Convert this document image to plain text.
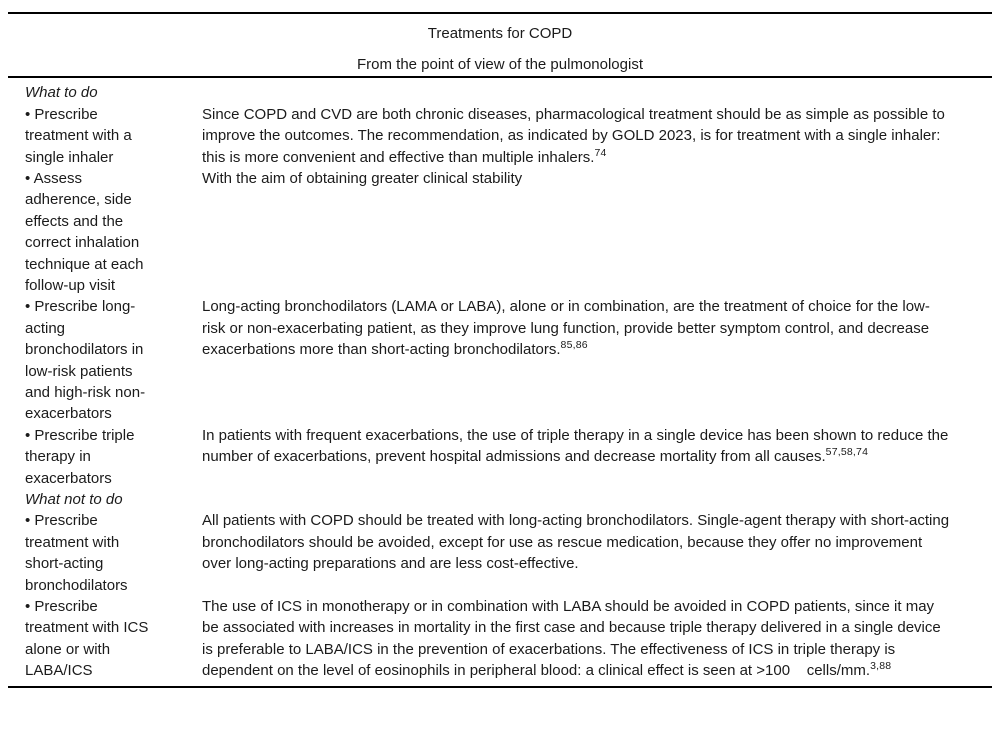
Treatments for COPD
From the point of view of the pulmonologist
What to do
• Prescribe treatment with a single inhaler
Since COPD and CVD are both chronic diseases, pharmacological treatment should be as simple as possible to improve the outcomes. The recommendation, as indicated by GOLD 2023, is for treatment with a single inhaler: this is more convenient and effective than multiple inhalers.$^{74}$
• Assess adherence, side effects and the correct inhalation technique at each follow-up visit
With the aim of obtaining greater clinical stability
• Prescribe long-acting bronchodilators in low-risk patients and high-risk non-exacerbators
Long-acting bronchodilators (LAMA or LABA), alone or in combination, are the treatment of choice for the low-risk or non-exacerbating patient, as they improve lung function, provide better symptom control, and decrease exacerbations more than short-acting bronchodilators.$^{85,86}$
• Prescribe triple therapy in exacerbators
In patients with frequent exacerbations, the use of triple therapy in a single device has been shown to reduce the number of exacerbations, prevent hospital admissions and decrease mortality from all causes.$^{57,58,74}$
What not to do
• Prescribe treatment with short-acting bronchodilators
All patients with COPD should be treated with long-acting bronchodilators. Single-agent therapy with short-acting bronchodilators should be avoided, except for use as rescue medication, because they offer no improvement over long-acting preparations and are less cost-effective.
• Prescribe treatment with ICS alone or with LABA/ICS
The use of ICS in monotherapy or in combination with LABA should be avoided in COPD patients, since it may be associated with increases in mortality in the first case and because triple therapy delivered in a single device is preferable to LABA/ICS in the prevention of exacerbations. The effectiveness of ICS in triple therapy is dependent on the level of eosinophils in peripheral blood: a clinical effect is seen at >100    cells/mm.$^{3,88}$
